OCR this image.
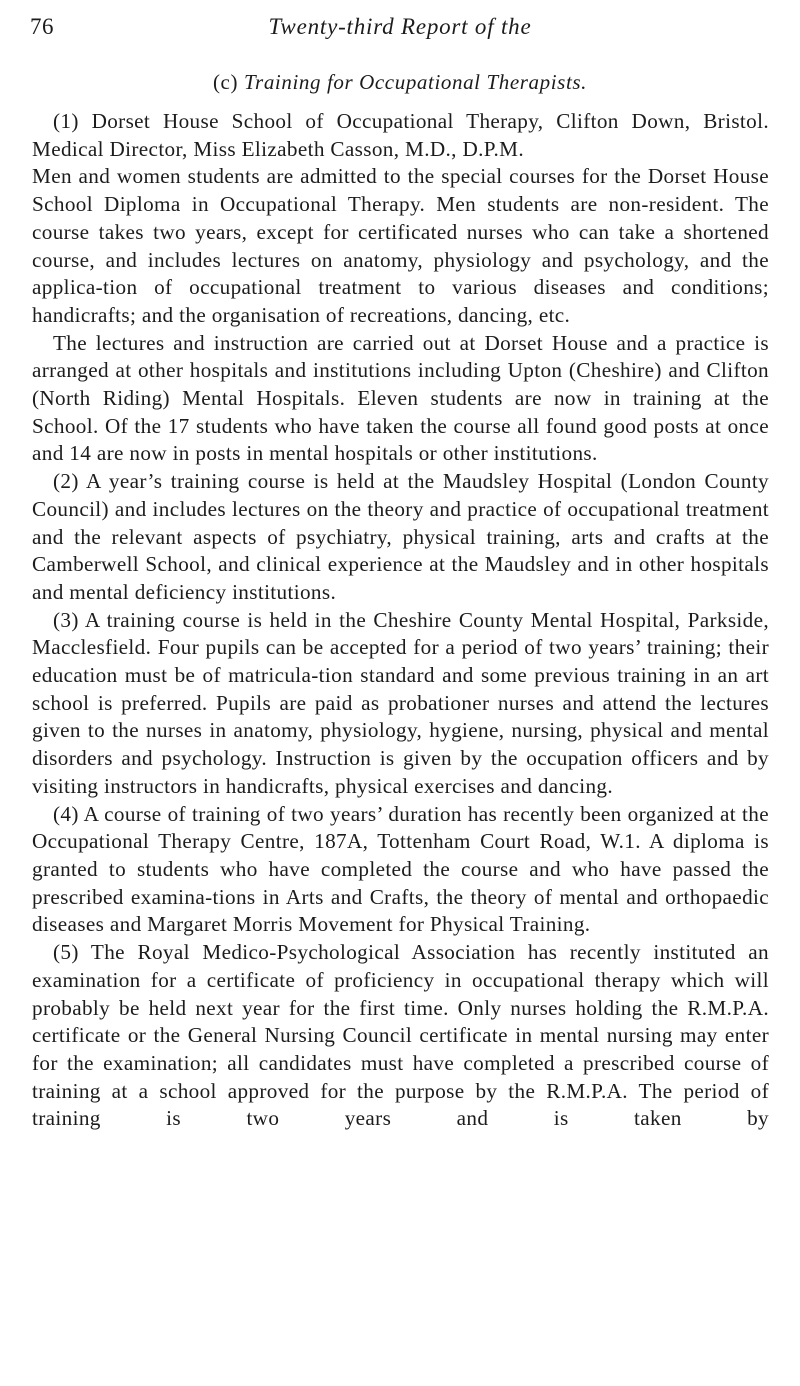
76	Twenty-third Report of the
(c) Training for Occupational Therapists.

(1) Dorset House School of Occupational Therapy, Clifton Down, Bristol. Medical Director, Miss Elizabeth Casson, M.D., D.P.M.

Men and women students are admitted to the special courses for the Dorset House School Diploma in Occupational Therapy. Men students are non-resident. The course takes two years, except for certificated nurses who can take a shortened course, and includes lectures on anatomy, physiology and psychology, and the applica-tion of occupational treatment to various diseases and conditions; handicrafts; and the organisation of recreations, dancing, etc.

The lectures and instruction are carried out at Dorset House and a practice is arranged at other hospitals and institutions including Upton (Cheshire) and Clifton (North Riding) Mental Hospitals. Eleven students are now in training at the School. Of the 17 students who have taken the course all found good posts at once and 14 are now in posts in mental hospitals or other institutions.

(2) A year’s training course is held at the Maudsley Hospital (London County Council) and includes lectures on the theory and practice of occupational treatment and the relevant aspects of psychiatry, physical training, arts and crafts at the Camberwell School, and clinical experience at the Maudsley and in other hospitals and mental deficiency institutions.

(3) A training course is held in the Cheshire County Mental Hospital, Parkside, Macclesfield. Four pupils can be accepted for a period of two years’ training; their education must be of matricula-tion standard and some previous training in an art school is preferred. Pupils are paid as probationer nurses and attend the lectures given to the nurses in anatomy, physiology, hygiene, nursing, physical and mental disorders and psychology. Instruction is given by the occupation officers and by visiting instructors in handicrafts, physical exercises and dancing.

(4) A course of training of two years’ duration has recently been organized at the Occupational Therapy Centre, 187A, Tottenham Court Road, W.1. A diploma is granted to students who have completed the course and who have passed the prescribed examina-tions in Arts and Crafts, the theory of mental and orthopaedic diseases and Margaret Morris Movement for Physical Training.

(5) The Royal Medico-Psychological Association has recently instituted an examination for a certificate of proficiency in occupational therapy which will probably be held next year for the first time. Only nurses holding the R.M.P.A. certificate or the General Nursing Council certificate in mental nursing may enter for the examination; all candidates must have completed a prescribed course of training at a school approved for the purpose by the R.M.P.A. The period of training is two years and is taken by
